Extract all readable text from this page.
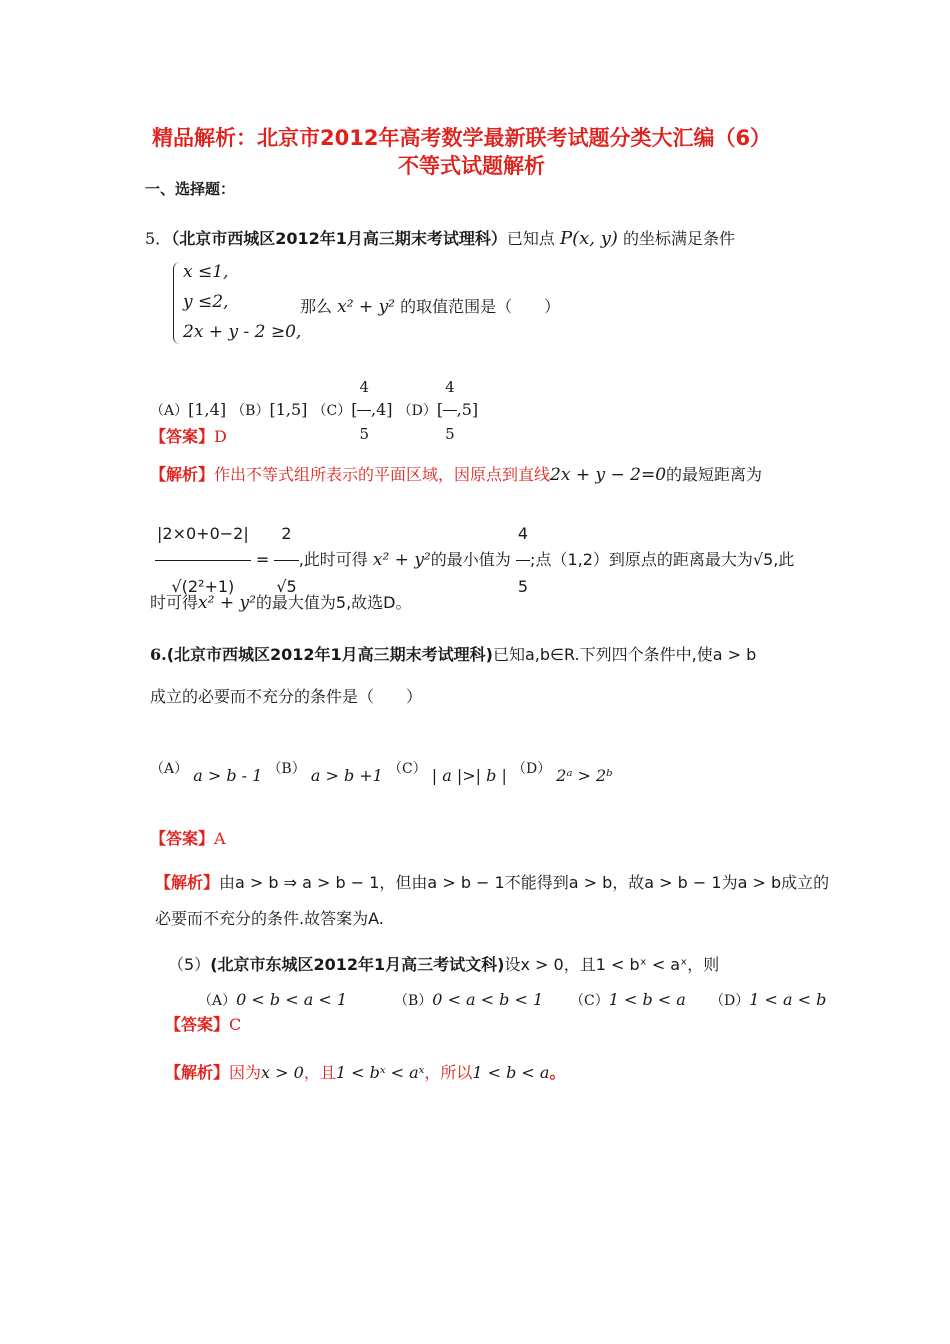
精品解析：北京市2012年高考数学最新联考试题分类大汇编（6）
不等式试题解析
一、选择题：
5．（北京市西城区2012年1月高三期末考试理科）已知点 P(x, y) 的坐标满足条件
x ≤1,
y ≤2,
2x + y - 2 ≥0,
那么 x² + y² 的取值范围是（　　）
（A）[1,4] （B）[1,5] $(C)[ \frac{4}{5} ,4]$ $(D)[ \frac{4}{5} ,5]$
【答案】D
【解析】作出不等式组所表示的平面区域，因原点到直线2x + y − 2=0的最短距离为
$\frac{|2\times 0+0-2|}{\text{√(2²+1)}} = \frac{2}{√5}$ ,此时可得 x² + y²的最小值为 $\frac{4}{5}$ ;点（1,2）到原点的距离最大为√5,此
时可得x² + y²的最大值为5,故选D。
6.(北京市西城区2012年1月高三期末考试理科)已知a,b∈R.下列四个条件中,使a > b
成立的必要而不充分的条件是（　　）
（A） a > b - 1 （B） a > b +1 （C） | a |>| b | （D） 2ᵃ > 2ᵇ
【答案】A
【解析】由a > b ⇒ a > b − 1，但由a > b − 1不能得到a > b，故a > b − 1为a > b成立的
必要而不充分的条件.故答案为A.
（5）(北京市东城区2012年1月高三考试文科)设x > 0，且1 < bˣ < aˣ，则
（A）0 < b < a < 1	（B）0 < a < b < 1 （C）1 < b < a （D）1 < a < b
【答案】C
【解析】因为x > 0，且1 < bˣ < aˣ，所以1 < b < a。
